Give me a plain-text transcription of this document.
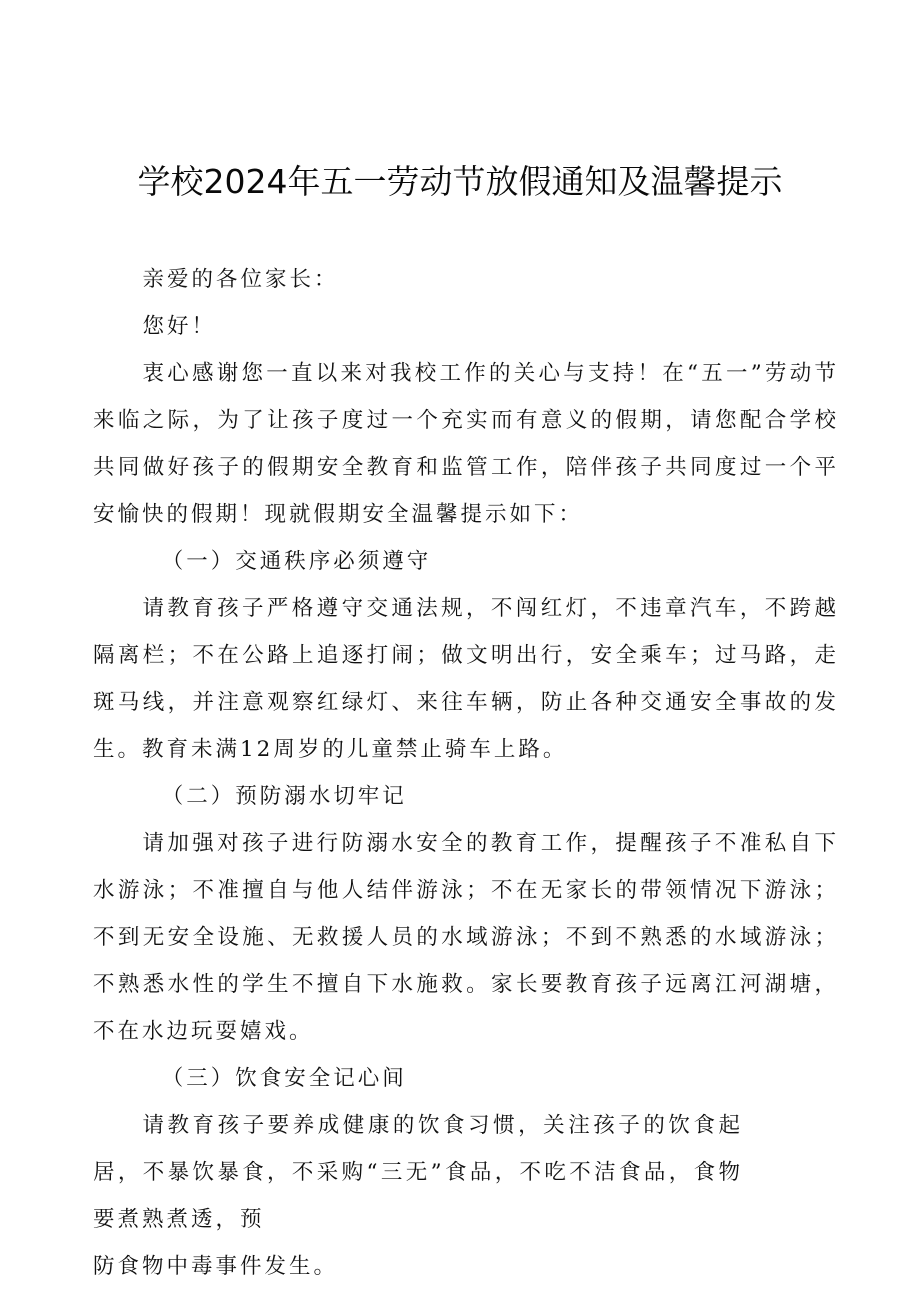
学校2024年五一劳动节放假通知及温馨提示

亲爱的各位家长：

您好！

衷心感谢您一直以来对我校工作的关心与支持！在“五一”劳动节来临之际，为了让孩子度过一个充实而有意义的假期，请您配合学校共同做好孩子的假期安全教育和监管工作，陪伴孩子共同度过一个平安愉快的假期！现就假期安全温馨提示如下：

（一）交通秩序必须遵守

请教育孩子严格遵守交通法规，不闯红灯，不违章汽车，不跨越隔离栏；不在公路上追逐打闹；做文明出行，安全乘车；过马路，走斑马线，并注意观察红绿灯、来往车辆，防止各种交通安全事故的发生。教育未满12周岁的儿童禁止骑车上路。

（二）预防溺水切牢记

请加强对孩子进行防溺水安全的教育工作，提醒孩子不准私自下水游泳；不准擅自与他人结伴游泳；不在无家长的带领情况下游泳；不到无安全设施、无救援人员的水域游泳；不到不熟悉的水域游泳；不熟悉水性的学生不擅自下水施救。家长要教育孩子远离江河湖塘，不在水边玩耍嬉戏。

（三）饮食安全记心间

请教育孩子要养成健康的饮食习惯，关注孩子的饮食起居，不暴饮暴食，不采购“三无”食品，不吃不洁食品，食物要煮熟煮透，预

防食物中毒事件发生。
